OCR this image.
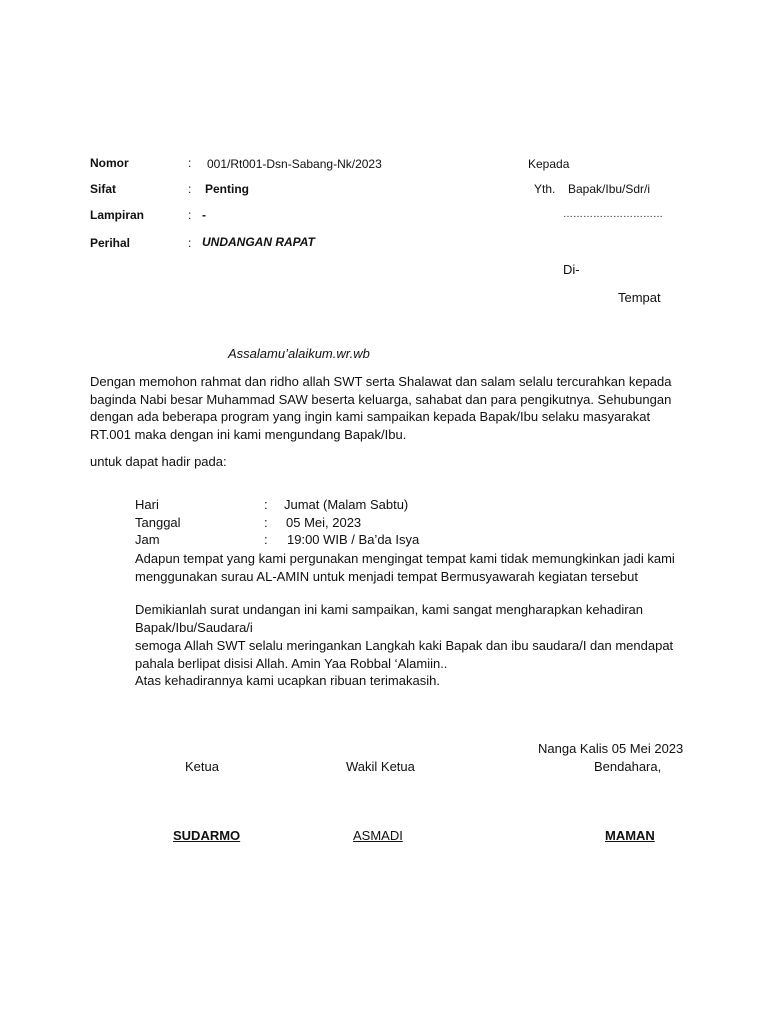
Nomor	: 001/Rt001-Dsn-Sabang-Nk/2023
Sifat	: Penting
Lampiran	: -
Perihal	: UNDANGAN RAPAT
Kepada
Yth. Bapak/Ibu/Sdr/i
…………………………
Di-
Tempat
Assalamu’alaikum.wr.wb
Dengan memohon rahmat dan ridho allah SWT serta Shalawat dan salam selalu tercurahkan kepada baginda Nabi besar Muhammad SAW beserta keluarga, sahabat dan para pengikutnya. Sehubungan dengan ada beberapa program yang ingin kami sampaikan kepada Bapak/Ibu selaku masyarakat RT.001 maka dengan ini kami mengundang Bapak/Ibu.
untuk dapat hadir pada:
Hari	: Jumat (Malam Sabtu)
Tanggal	: 05 Mei, 2023
Jam	: 19:00 WIB / Ba’da Isya
Adapun tempat yang kami pergunakan mengingat tempat kami tidak memungkinkan jadi kami menggunakan surau AL-AMIN untuk menjadi tempat Bermusyawarah kegiatan tersebut
Demikianlah surat undangan ini kami sampaikan, kami sangat mengharapkan kehadiran Bapak/Ibu/Saudara/i
semoga Allah SWT selalu meringankan Langkah kaki Bapak dan ibu saudara/I dan mendapat pahala berlipat disisi Allah. Amin Yaa Robbal ‘Alamiin..
Atas kehadirannya kami ucapkan ribuan terimakasih.
Nanga Kalis 05 Mei 2023
Ketua	Wakil Ketua	Bendahara,
SUDARMO	ASMADI	MAMAN
